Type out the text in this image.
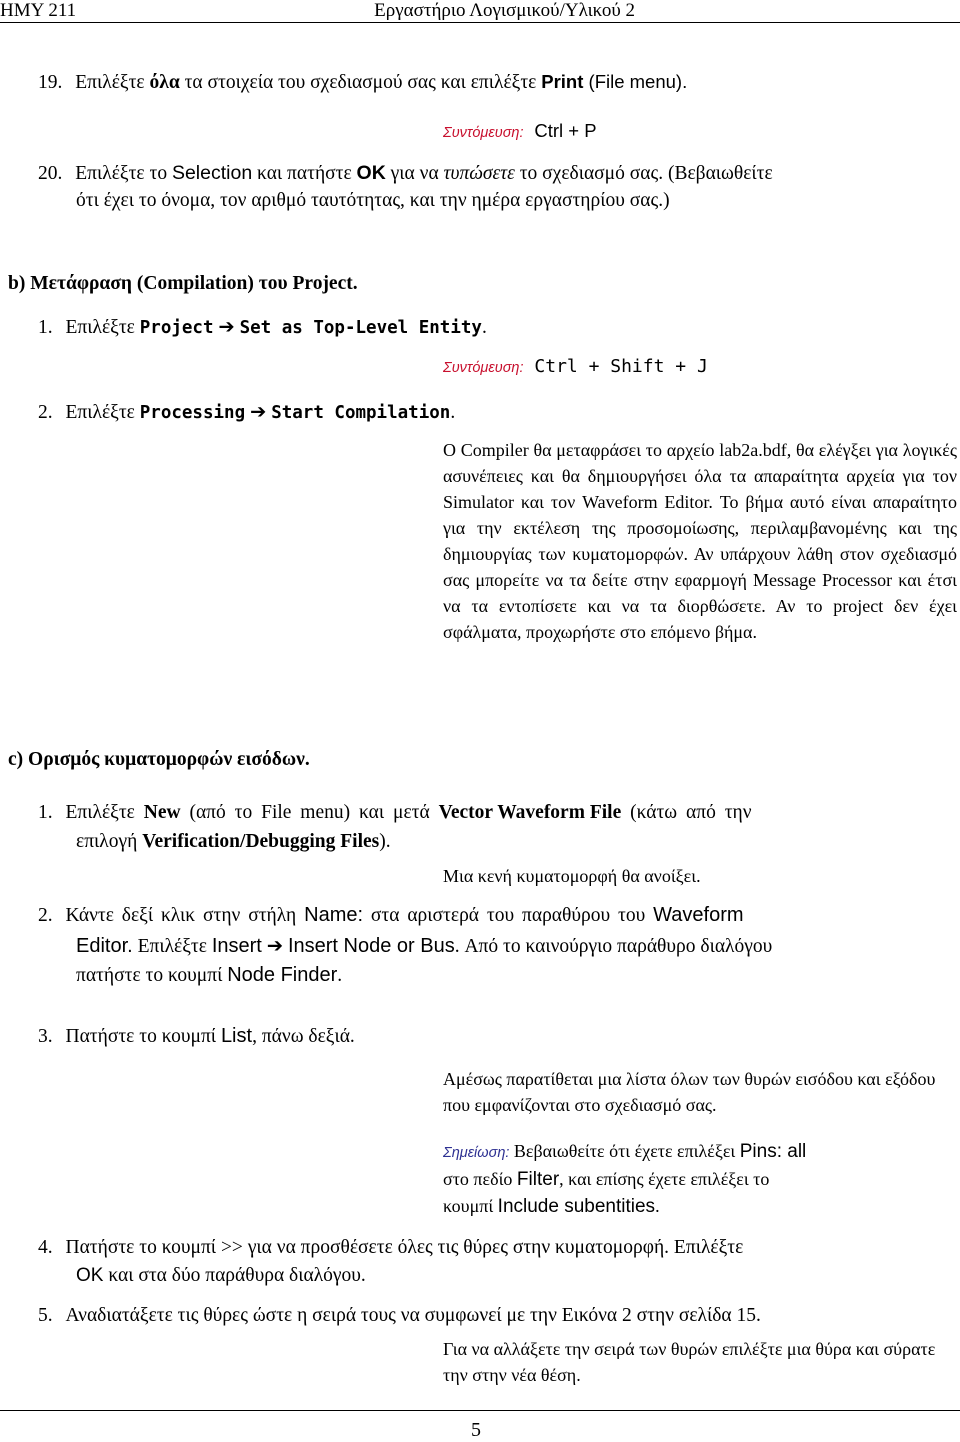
ΗΜΥ 211	Εργαστήριο Λογισμικού/Υλικού 2
19. Επιλέξτε όλα τα στοιχεία του σχεδιασμού σας και επιλέξτε Print (File menu).
Συντόμευση: Ctrl + P
20. Επιλέξτε το Selection και πατήστε OK για να τυπώσετε το σχεδιασμό σας. (Βεβαιωθείτε
ότι έχει το όνομα, τον αριθμό ταυτότητας, και την ημέρα εργαστηρίου σας.)
b) Μετάφραση (Compilation) του Project.
1. Επιλέξτε Project ➔ Set as Top-Level Entity.
Συντόμευση: Ctrl + Shift + J
2. Επιλέξτε Processing ➔ Start Compilation.
Ο Compiler θα μεταφράσει το αρχείο lab2a.bdf, θα ελέγξει για λογικές ασυνέπειες και θα δημιουργήσει όλα τα απαραίτητα αρχεία για τον Simulator και τον Waveform Editor. Το βήμα αυτό είναι απαραίτητο για την εκτέλεση της προσομοίωσης, περιλαμβανομένης και της δημιουργίας των κυματομορφών. Αν υπάρχουν λάθη στον σχεδιασμό σας μπορείτε να τα δείτε στην εφαρμογή Message Processor και έτσι να τα εντοπίσετε και να τα διορθώσετε. Αν το project δεν έχει σφάλματα, προχωρήστε στο επόμενο βήμα.
c) Ορισμός κυματομορφών εισόδων.
1. Επιλέξτε New (από το File menu) και μετά Vector Waveform File (κάτω από την
επιλογή Verification/Debugging Files).
Μια κενή κυματομορφή θα ανοίξει.
2. Κάντε δεξί κλικ στην στήλη Name: στα αριστερά του παραθύρου του Waveform
Editor. Επιλέξτε Insert ➔ Insert Node or Bus. Από το καινούργιο παράθυρο διαλόγου
πατήστε το κουμπί Node Finder.
3. Πατήστε το κουμπί List, πάνω δεξιά.
Αμέσως παρατίθεται μια λίστα όλων των θυρών εισόδου και εξόδου που εμφανίζονται στο σχεδιασμό σας.
Σημείωση: Βεβαιωθείτε ότι έχετε επιλέξει Pins: all
στο πεδίο Filter, και επίσης έχετε επιλέξει το
κουμπί Include subentities.
4. Πατήστε το κουμπί >> για να προσθέσετε όλες τις θύρες στην κυματομορφή. Επιλέξτε
OK και στα δύο παράθυρα διαλόγου.
5. Αναδιατάξετε τις θύρες ώστε η σειρά τους να συμφωνεί με την Εικόνα 2 στην σελίδα 15.
Για να αλλάξετε την σειρά των θυρών επιλέξτε μια θύρα και σύρατε την στην νέα θέση.
5
